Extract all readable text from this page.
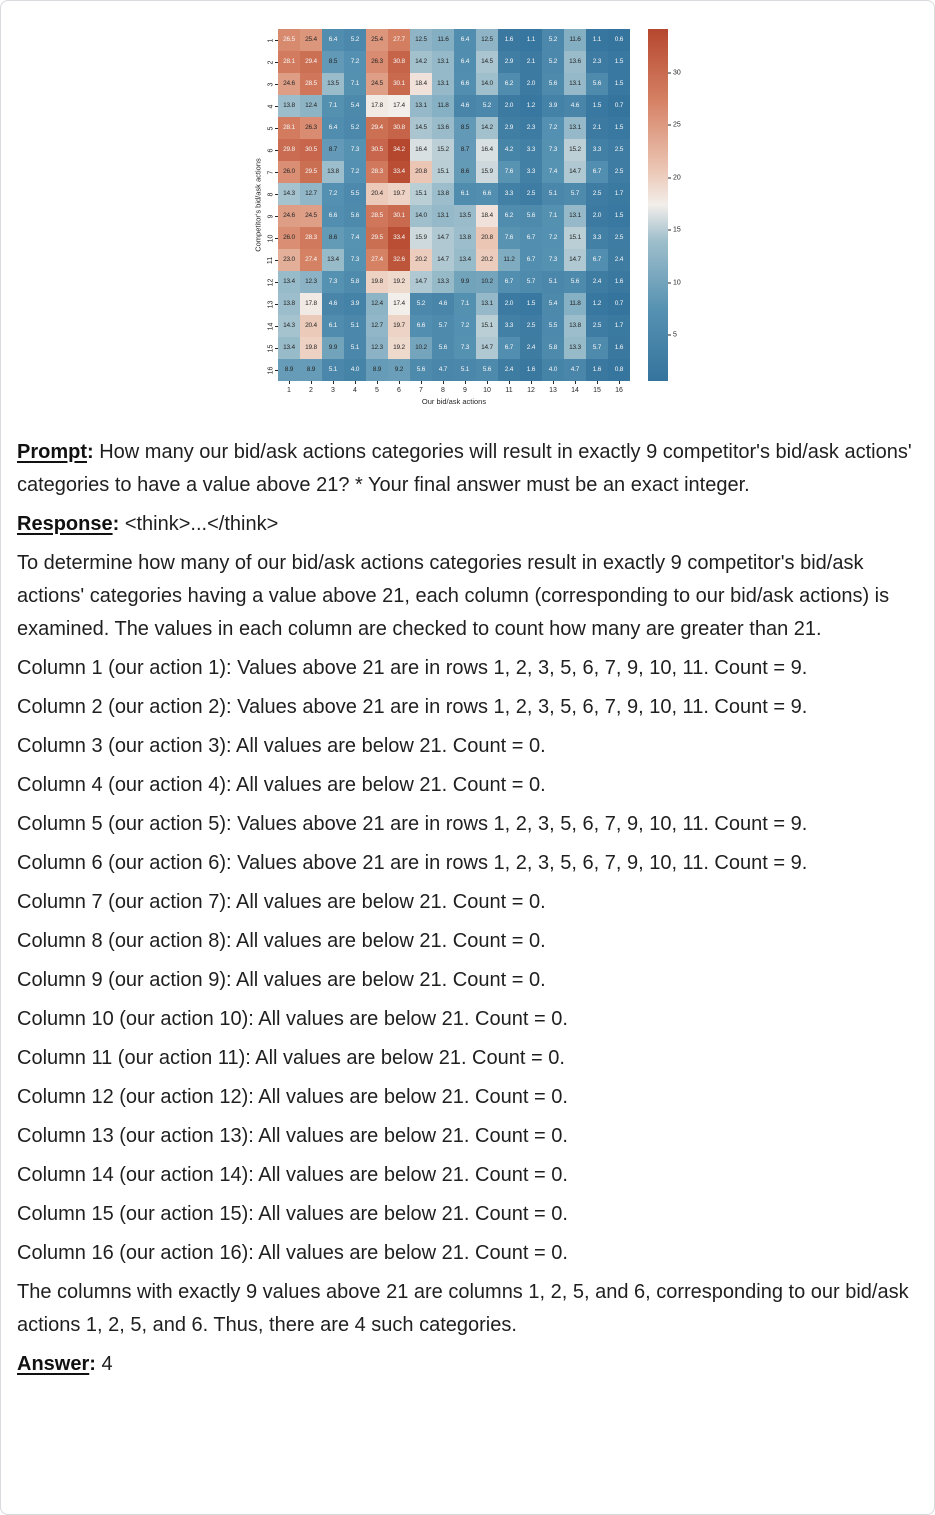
Competitor's bid/ask actions
1
2
3
4
5
6
7
8
9
10
11
12
13
14
15
16
26.5	25.4	6.4	5.2	25.4	27.7	12.5	11.6	6.4	12.5	1.6	1.1	5.2	11.6	1.1	0.6
28.1	29.4	8.5	7.2	26.3	30.8	14.2	13.1	6.4	14.5	2.9	2.1	5.2	13.6	2.3	1.5
24.6	28.5	13.5	7.1	24.5	30.1	18.4	13.1	6.6	14.0	6.2	2.0	5.6	13.1	5.6	1.5
13.8	12.4	7.1	5.4	17.8	17.4	13.1	11.8	4.6	5.2	2.0	1.2	3.9	4.6	1.5	0.7
28.1	26.3	6.4	5.2	29.4	30.8	14.5	13.6	8.5	14.2	2.9	2.3	7.2	13.1	2.1	1.5
29.8	30.5	8.7	7.3	30.5	34.2	16.4	15.2	8.7	16.4	4.2	3.3	7.3	15.2	3.3	2.5
26.0	29.5	13.8	7.2	28.3	33.4	20.8	15.1	8.6	15.9	7.6	3.3	7.4	14.7	6.7	2.5
14.3	12.7	7.2	5.5	20.4	19.7	15.1	13.8	6.1	6.6	3.3	2.5	5.1	5.7	2.5	1.7
24.6	24.5	6.6	5.6	28.5	30.1	14.0	13.1	13.5	18.4	6.2	5.6	7.1	13.1	2.0	1.5
26.0	28.3	8.6	7.4	29.5	33.4	15.9	14.7	13.8	20.8	7.6	6.7	7.2	15.1	3.3	2.5
23.0	27.4	13.4	7.3	27.4	32.6	20.2	14.7	13.4	20.2	11.2	6.7	7.3	14.7	6.7	2.4
13.4	12.3	7.3	5.8	19.8	19.2	14.7	13.3	9.9	10.2	6.7	5.7	5.1	5.6	2.4	1.6
13.8	17.8	4.6	3.9	12.4	17.4	5.2	4.6	7.1	13.1	2.0	1.5	5.4	11.8	1.2	0.7
14.3	20.4	6.1	5.1	12.7	19.7	6.6	5.7	7.2	15.1	3.3	2.5	5.5	13.8	2.5	1.7
13.4	19.8	9.9	5.1	12.3	19.2	10.2	5.6	7.3	14.7	6.7	2.4	5.8	13.3	5.7	1.6
8.9	8.9	5.1	4.0	8.9	9.2	5.6	4.7	5.1	5.6	2.4	1.6	4.0	4.7	1.6	0.8
1	2	3	4	5	6	7	8	9	10	11	12	13	14	15	16
Our bid/ask actions
5
10
15
20
25
30

Prompt: How many our bid/ask actions categories will result in exactly 9 competitor's bid/ask actions' categories to have a value above 21? * Your final answer must be an exact integer.

Response: <think>...</think>

To determine how many of our bid/ask actions categories result in exactly 9 competitor's bid/ask actions' categories having a value above 21, each column (corresponding to our bid/ask actions) is examined. The values in each column are checked to count how many are greater than 21.

Column 1 (our action 1): Values above 21 are in rows 1, 2, 3, 5, 6, 7, 9, 10, 11. Count = 9.

Column 2 (our action 2): Values above 21 are in rows 1, 2, 3, 5, 6, 7, 9, 10, 11. Count = 9.

Column 3 (our action 3): All values are below 21. Count = 0.

Column 4 (our action 4): All values are below 21. Count = 0.

Column 5 (our action 5): Values above 21 are in rows 1, 2, 3, 5, 6, 7, 9, 10, 11. Count = 9.

Column 6 (our action 6): Values above 21 are in rows 1, 2, 3, 5, 6, 7, 9, 10, 11. Count = 9.

Column 7 (our action 7): All values are below 21. Count = 0.

Column 8 (our action 8): All values are below 21. Count = 0.

Column 9 (our action 9): All values are below 21. Count = 0.

Column 10 (our action 10): All values are below 21. Count = 0.

Column 11 (our action 11): All values are below 21. Count = 0.

Column 12 (our action 12): All values are below 21. Count = 0.

Column 13 (our action 13): All values are below 21. Count = 0.

Column 14 (our action 14): All values are below 21. Count = 0.

Column 15 (our action 15): All values are below 21. Count = 0.

Column 16 (our action 16): All values are below 21. Count = 0.

The columns with exactly 9 values above 21 are columns 1, 2, 5, and 6, corresponding to our bid/ask actions 1, 2, 5, and 6. Thus, there are 4 such categories.

Answer: 4
